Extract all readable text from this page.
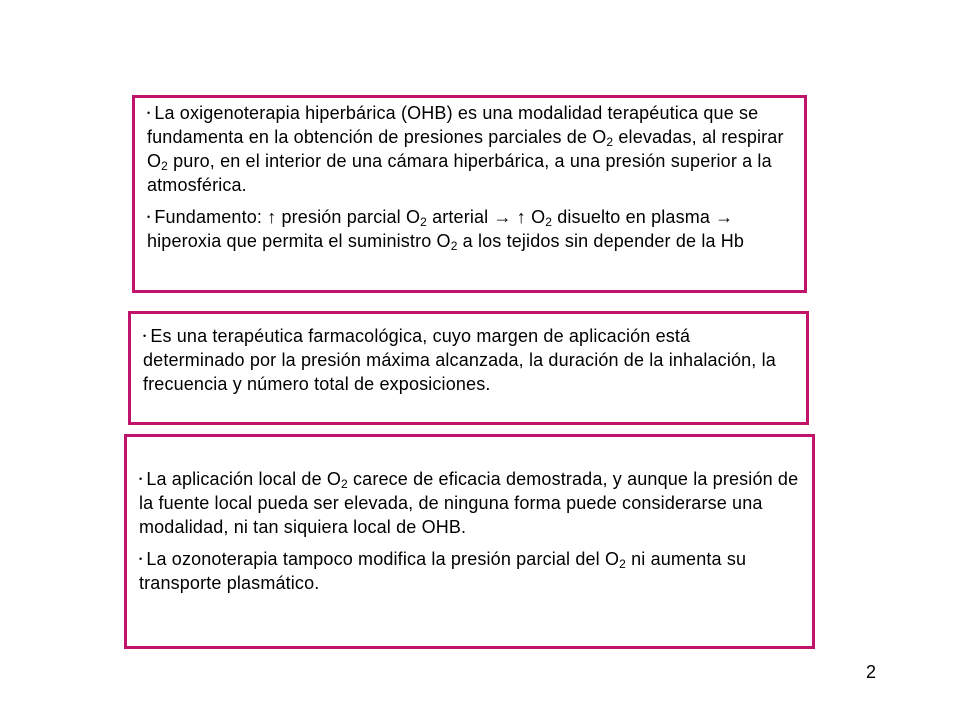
• La oxigenoterapia hiperbárica (OHB) es una modalidad terapéutica que se fundamenta en la obtención de presiones parciales de $O_2$ elevadas, al respirar $O_2$ puro, en el interior de una cámara hiperbárica, a una presión superior a la atmosférica.

• Fundamento: ↑ presión parcial $O_2$ arterial → ↑ $O_2$ disuelto en plasma → hiperoxia que permita el suministro $O_2$ a los tejidos sin depender de la Hb

• Es una terapéutica farmacológica, cuyo margen de aplicación está determinado por la presión máxima alcanzada, la duración de la inhalación, la frecuencia y número total de exposiciones.

• La aplicación local de $O_2$ carece de eficacia demostrada, y aunque la presión de la fuente local pueda ser elevada, de ninguna forma puede considerarse una modalidad, ni tan siquiera local de OHB.

• La ozonoterapia tampoco modifica la presión parcial del $O_2$ ni aumenta su transporte plasmático.

2
